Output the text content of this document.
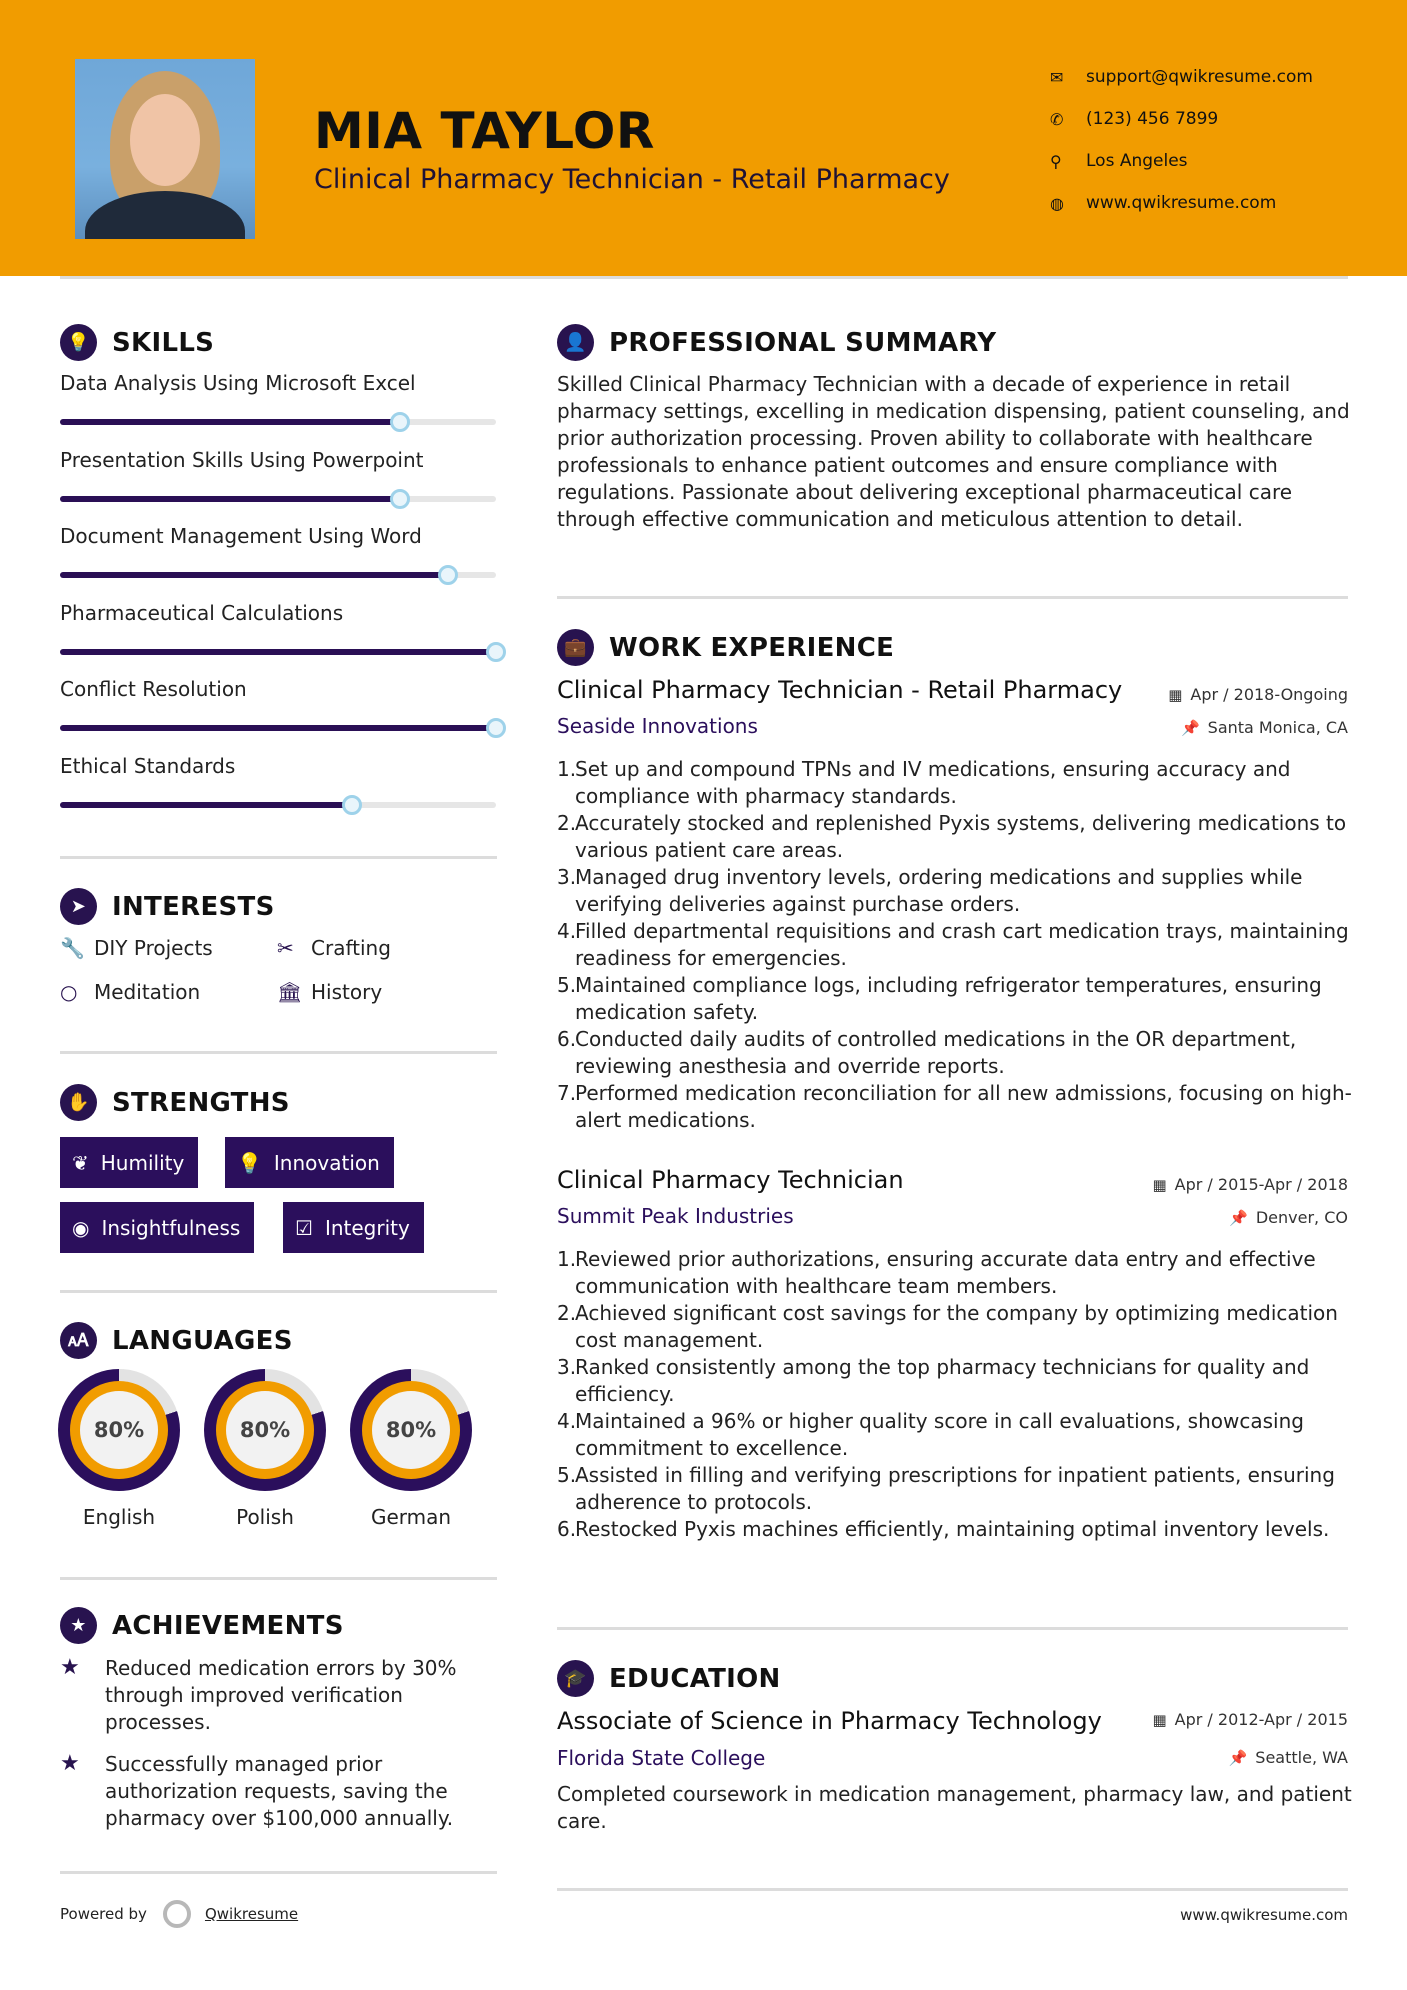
MIA TAYLOR
Clinical Pharmacy Technician - Retail Pharmacy
✉	support@qwikresume.com
✆	(123) 456 7899
⚲	Los Angeles
◍	www.qwikresume.com
💡 SKILLS
Data Analysis Using Microsoft Excel
Presentation Skills Using Powerpoint
Document Management Using Word
Pharmaceutical Calculations
Conflict Resolution
Ethical Standards
➤ INTERESTS
🔧 DIY Projects	✂ Crafting
○ Meditation	🏛 History
✋ STRENGTHS
❦ Humility	💡 Innovation
◉ Insightfulness	☑ Integrity
🗚 LANGUAGES
80%
English
80%
Polish
80%
German
★ ACHIEVEMENTS
★	Reduced medication errors by 30% through improved verification processes.
★	Successfully managed prior authorization requests, saving the pharmacy over $100,000 annually.
Powered by	Qwikresume
👤 PROFESSIONAL SUMMARY
Skilled Clinical Pharmacy Technician with a decade of experience in retail pharmacy settings, excelling in medication dispensing, patient counseling, and prior authorization processing. Proven ability to collaborate with healthcare professionals to enhance patient outcomes and ensure compliance with regulations. Passionate about delivering exceptional pharmaceutical care through effective communication and meticulous attention to detail.
💼 WORK EXPERIENCE
Clinical Pharmacy Technician - Retail Pharmacy	▦ Apr / 2018-Ongoing
Seaside Innovations	📌 Santa Monica, CA
1.
Set up and compound TPNs and IV medications, ensuring accuracy and compliance with pharmacy standards.
2.
Accurately stocked and replenished Pyxis systems, delivering medications to various patient care areas.
3.
Managed drug inventory levels, ordering medications and supplies while verifying deliveries against purchase orders.
4.
Filled departmental requisitions and crash cart medication trays, maintaining readiness for emergencies.
5.
Maintained compliance logs, including refrigerator temperatures, ensuring medication safety.
6.
Conducted daily audits of controlled medications in the OR department, reviewing anesthesia and override reports.
7.
Performed medication reconciliation for all new admissions, focusing on high-alert medications.
Clinical Pharmacy Technician	▦ Apr / 2015-Apr / 2018
Summit Peak Industries	📌 Denver, CO
1.
Reviewed prior authorizations, ensuring accurate data entry and effective communication with healthcare team members.
2.
Achieved significant cost savings for the company by optimizing medication cost management.
3.
Ranked consistently among the top pharmacy technicians for quality and efficiency.
4.
Maintained a 96% or higher quality score in call evaluations, showcasing commitment to excellence.
5.
Assisted in filling and verifying prescriptions for inpatient patients, ensuring adherence to protocols.
6.
Restocked Pyxis machines efficiently, maintaining optimal inventory levels.
🎓 EDUCATION
Associate of Science in Pharmacy Technology	▦ Apr / 2012-Apr / 2015
Florida State College	📌 Seattle, WA
Completed coursework in medication management, pharmacy law, and patient care.
www.qwikresume.com
